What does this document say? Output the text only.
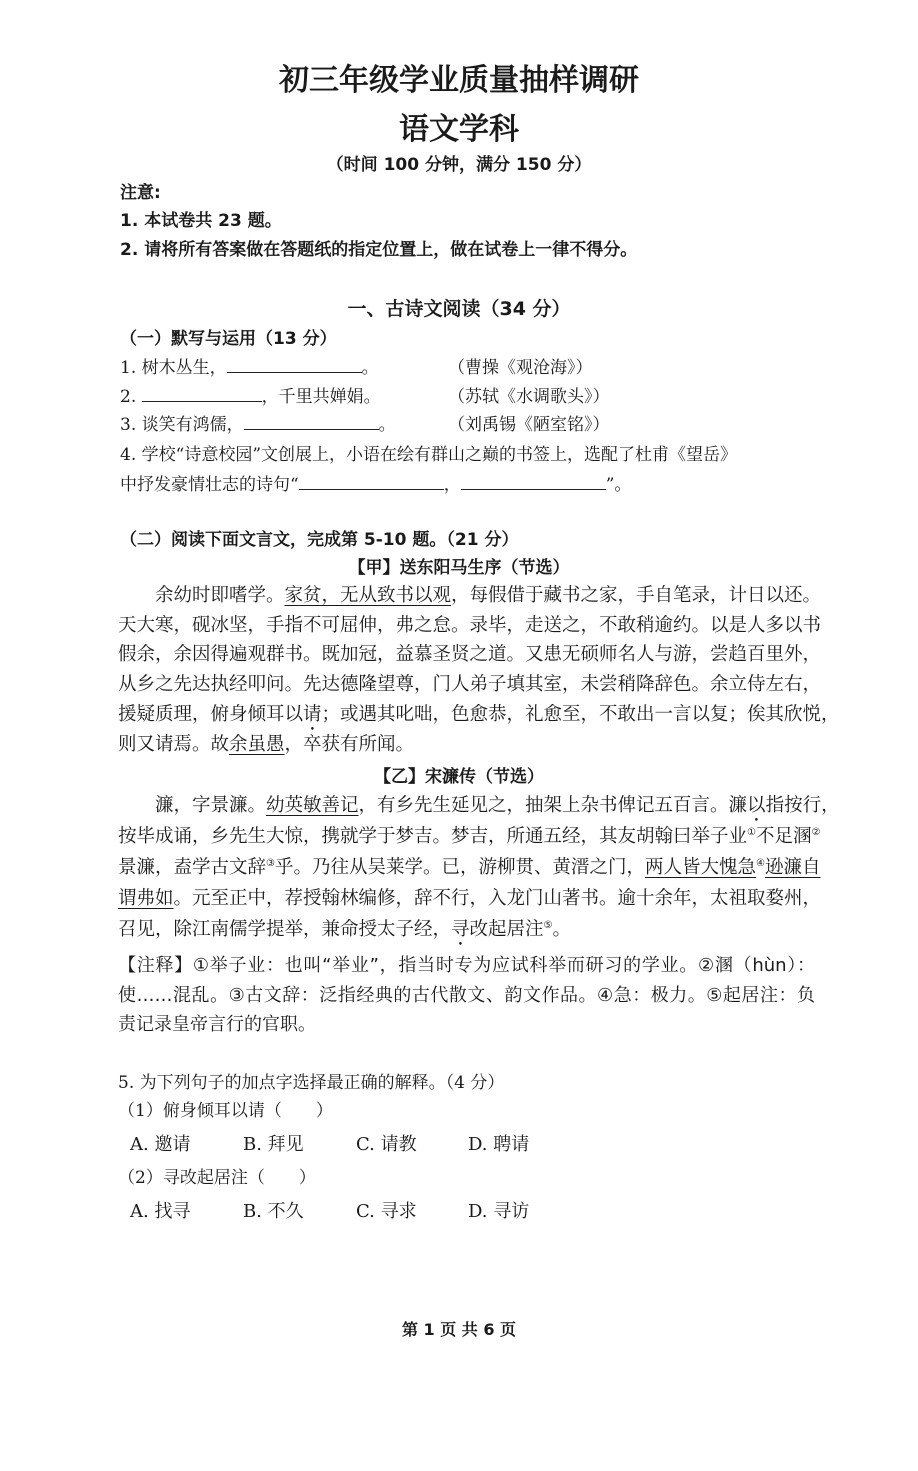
初三年级学业质量抽样调研
语文学科
（时间 100 分钟，满分 150 分）
注意:
1. 本试卷共 23 题。
2. 请将所有答案做在答题纸的指定位置上，做在试卷上一律不得分。
一、古诗文阅读（34 分）
（一）默写与运用（13 分）
1. 树木丛生，	。	（曹操《观沧海》）
2.	，千里共婵娟。	（苏轼《水调歌头》）
3. 谈笑有鸿儒，	。	（刘禹锡《陋室铭》）
4. 学校“诗意校园”文创展上，小语在绘有群山之巅的书签上，选配了杜甫《望岳》
中抒发豪情壮志的诗句“	，	”。
（二）阅读下面文言文，完成第 5-10 题。（21 分）
【甲】送东阳马生序（节选）
　　余幼时即嗜学。家贫，无从致书以观，每假借于藏书之家，手自笔录，计日以还。
天大寒，砚冰坚，手指不可屈伸，弗之怠。录毕，走送之，不敢稍逾约。以是人多以书
假余，余因得遍观群书。既加冠，益慕圣贤之道。又患无硕师名人与游，尝趋百里外，
从乡之先达执经叩问。先达德隆望尊，门人弟子填其室，未尝稍降辞色。余立侍左右，
援疑质理，俯身倾耳以请；或遇其叱咄，色愈恭，礼愈至，不敢出一言以复；俟其欣悦，
则又请焉。故余虽愚，卒获有所闻。
【乙】宋濂传（节选）
　　濂，字景濂。幼英敏善记，有乡先生延见之，抽架上杂书俾记五百言。濂以指按行，
按毕成诵，乡先生大惊，携就学于梦吉。梦吉，所通五经，其友胡翰曰举子业①不足溷②
景濂，盍学古文辞③乎。乃往从吴莱学。已，游柳贯、黄溍之门，两人皆大愧急④逊濂自
谓弗如。元至正中，荐授翰林编修，辞不行，入龙门山著书。逾十余年，太祖取婺州，
召见，除江南儒学提举，兼命授太子经，寻改起居注⑤。
【注释】①举子业：也叫“举业”，指当时专为应试科举而研习的学业。②溷（hùn）：
使……混乱。③古文辞：泛指经典的古代散文、韵文作品。④急：极力。⑤起居注：负
责记录皇帝言行的官职。
5. 为下列句子的加点字选择最正确的解释。（4 分）
（1）俯身倾耳以请（　　）
A. 邀请	B. 拜见	C. 请教	D. 聘请
（2）寻改起居注（　　）
A. 找寻	B. 不久	C. 寻求	D. 寻访
第 1 页 共 6 页
